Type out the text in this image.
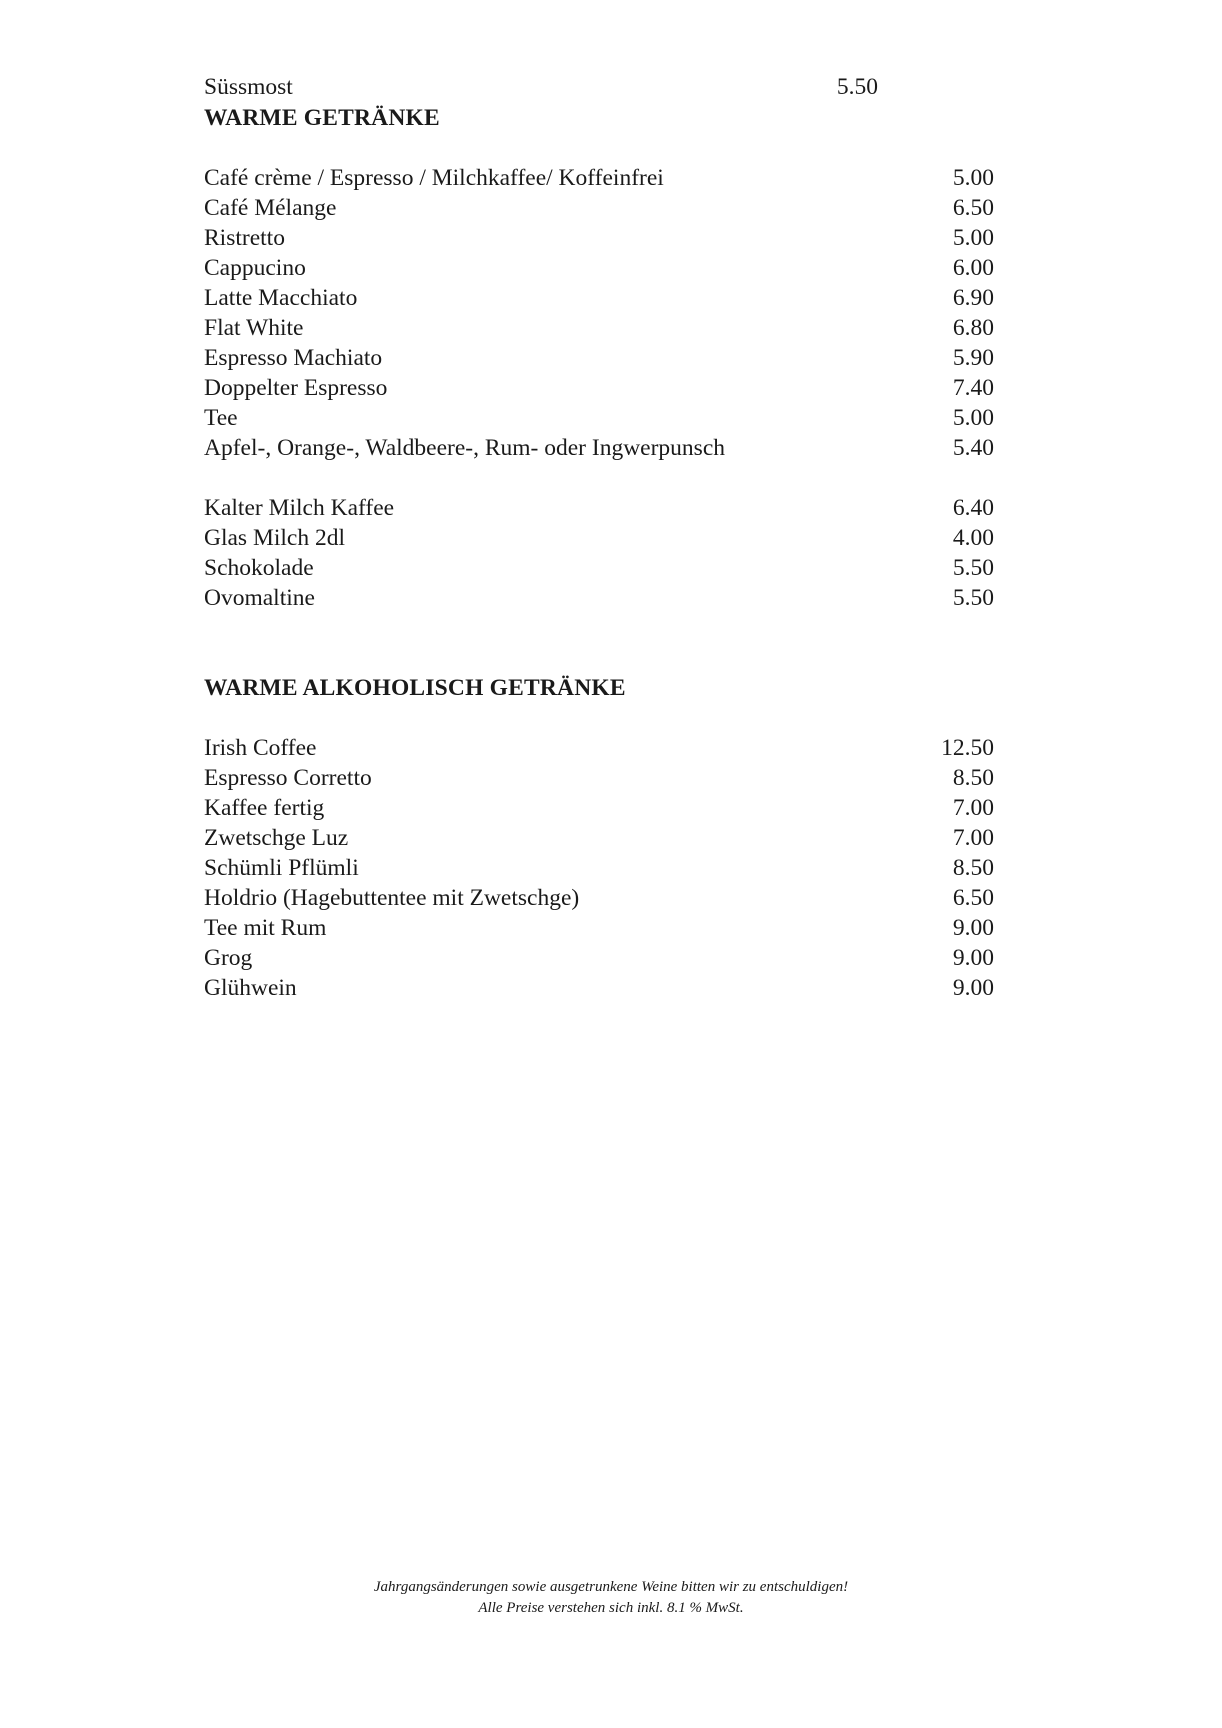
Süssmost	5.50
WARME GETRÄNKE
Café crème / Espresso / Milchkaffee/ Koffeinfrei	5.00
Café Mélange	6.50
Ristretto	5.00
Cappucino	6.00
Latte Macchiato	6.90
Flat White	6.80
Espresso Machiato	5.90
Doppelter Espresso	7.40
Tee	5.00
Apfel-, Orange-, Waldbeere-, Rum- oder Ingwerpunsch	5.40
Kalter Milch Kaffee	6.40
Glas Milch 2dl	4.00
Schokolade	5.50
Ovomaltine	5.50
WARME ALKOHOLISCH GETRÄNKE
Irish Coffee	12.50
Espresso Corretto	8.50
Kaffee fertig	7.00
Zwetschge Luz	7.00
Schümli Pflümli	8.50
Holdrio (Hagebuttentee mit Zwetschge)	6.50
Tee mit Rum	9.00
Grog	9.00
Glühwein	9.00
Jahrgangsänderungen sowie ausgetrunkene Weine bitten wir zu entschuldigen!
Alle Preise verstehen sich inkl. 8.1 % MwSt.
